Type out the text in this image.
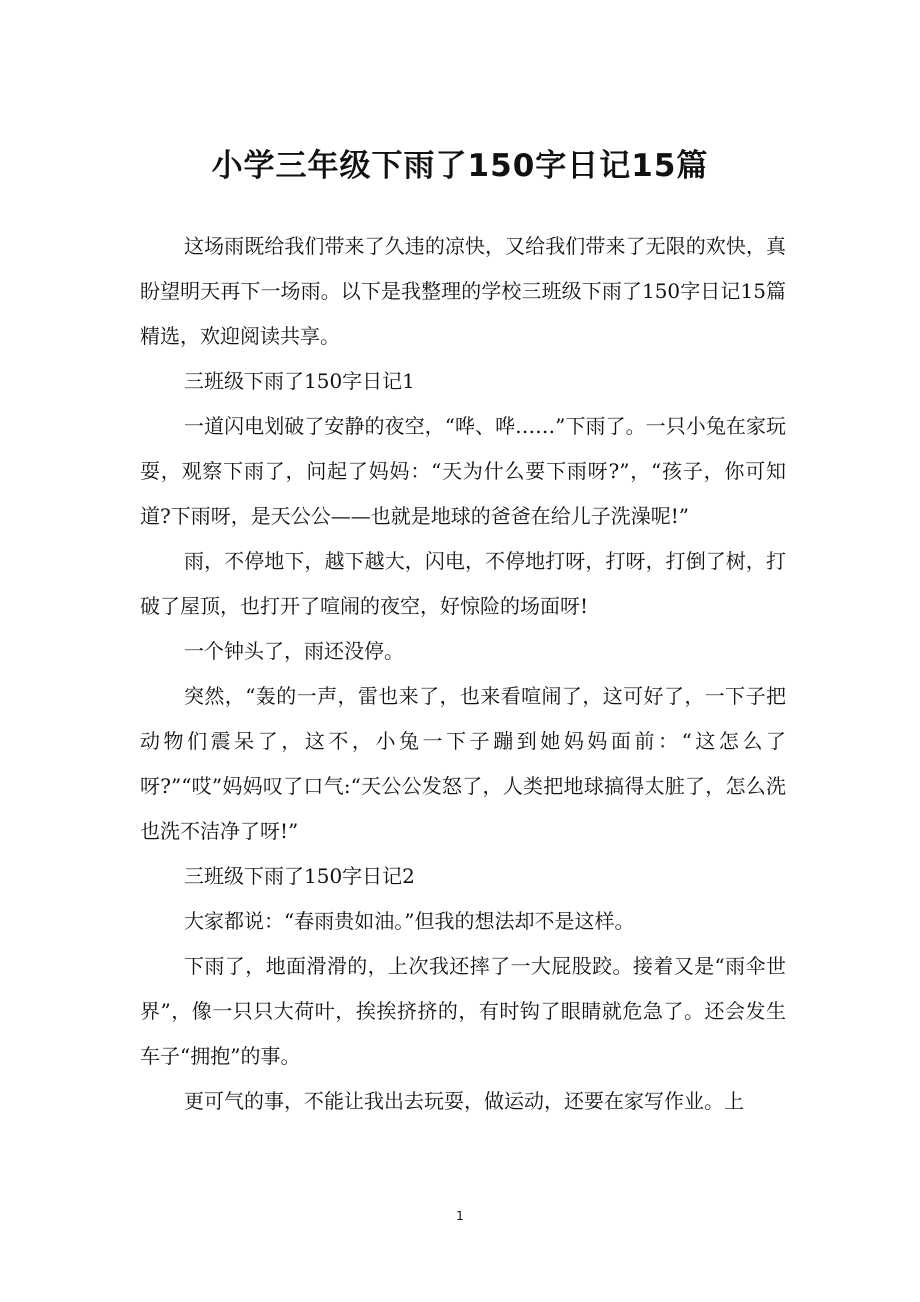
小学三年级下雨了150字日记15篇

这场雨既给我们带来了久违的凉快，又给我们带来了无限的欢快，真盼望明天再下一场雨。以下是我整理的学校三班级下雨了150字日记15篇精选，欢迎阅读共享。

三班级下雨了150字日记1

一道闪电划破了安静的夜空，“哗、哗……”下雨了。一只小兔在家玩耍，观察下雨了，问起了妈妈：“天为什么要下雨呀?”，“孩子，你可知道?下雨呀，是天公公——也就是地球的爸爸在给儿子洗澡呢!”

雨，不停地下，越下越大，闪电，不停地打呀，打呀，打倒了树，打破了屋顶，也打开了喧闹的夜空，好惊险的场面呀!

一个钟头了，雨还没停。

突然，“轰的一声，雷也来了，也来看喧闹了，这可好了，一下子把动物们震呆了，这不，小兔一下子蹦到她妈妈面前：“这怎么了呀?”“哎”妈妈叹了口气:“天公公发怒了，人类把地球搞得太脏了，怎么洗也洗不洁净了呀!”

三班级下雨了150字日记2

大家都说：“春雨贵如油。”但我的想法却不是这样。

下雨了，地面滑滑的，上次我还摔了一大屁股跤。接着又是“雨伞世界”，像一只只大荷叶，挨挨挤挤的，有时钩了眼睛就危急了。还会发生车子“拥抱”的事。

更可气的事，不能让我出去玩耍，做运动，还要在家写作业。上

1
